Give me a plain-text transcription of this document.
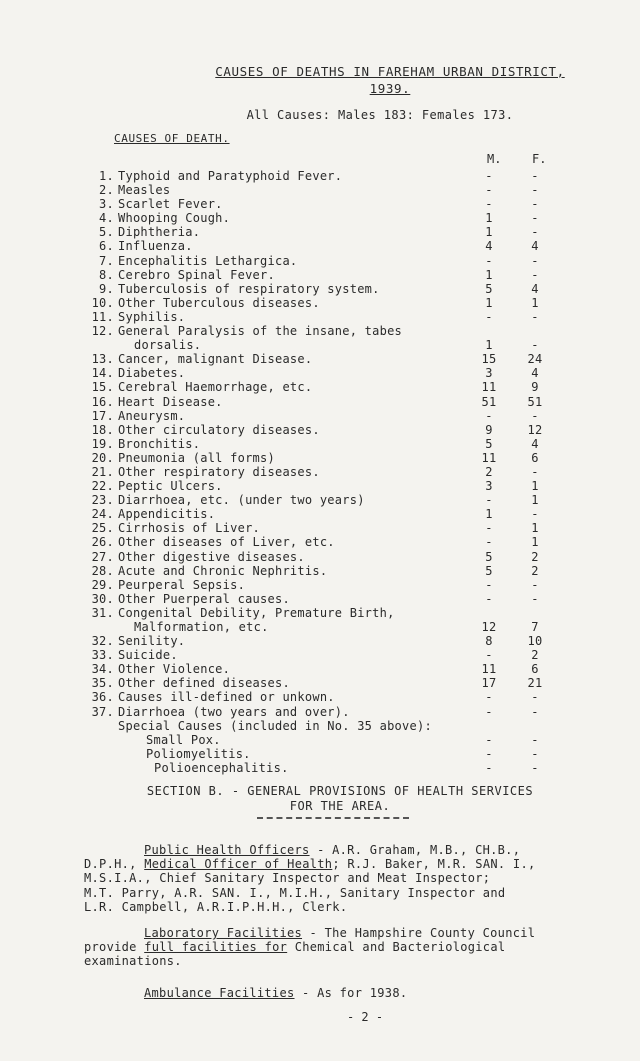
CAUSES OF DEATHS IN FAREHAM URBAN DISTRICT,
1939.
All Causes: Males 183: Females 173.
CAUSES OF DEATH.
M.	F.
1. Typhoid and Paratyphoid Fever.	-	-
2. Measles	-	-
3. Scarlet Fever.	-	-
4. Whooping Cough.	1	-
5. Diphtheria.	1	-
6. Influenza.	4	4
7. Encephalitis Lethargica.	-	-
8. Cerebro Spinal Fever.	1	-
9. Tuberculosis of respiratory system.	5	4
10. Other Tuberculous diseases.	1	1
11. Syphilis.	-	-
12. General Paralysis of the insane, tabes
dorsalis.	1	-
13. Cancer, malignant Disease.	15	24
14. Diabetes.	3	4
15. Cerebral Haemorrhage, etc.	11	9
16. Heart Disease.	51	51
17. Aneurysm.	-	-
18. Other circulatory diseases.	9	12
19. Bronchitis.	5	4
20. Pneumonia (all forms)	11	6
21. Other respiratory diseases.	2	-
22. Peptic Ulcers.	3	1
23. Diarrhoea, etc. (under two years)	-	1
24. Appendicitis.	1	-
25. Cirrhosis of Liver.	-	1
26. Other diseases of Liver, etc.	-	1
27. Other digestive diseases.	5	2
28. Acute and Chronic Nephritis.	5	2
29. Peurperal Sepsis.	-	-
30. Other Puerperal causes.	-	-
31. Congenital Debility, Premature Birth,
Malformation, etc.	12	7
32. Senility.	8	10
33. Suicide.	-	2
34. Other Violence.	11	6
35. Other defined diseases.	17	21
36. Causes ill-defined or unkown.	-	-
37. Diarrhoea (two years and over).	-	-
Special Causes (included in No. 35 above):
Small Pox.	-	-
Poliomyelitis.	-	-
Polioencephalitis.	-	-
SECTION B. - GENERAL PROVISIONS OF HEALTH SERVICES
FOR THE AREA.
Public Health Officers - A.R. Graham, M.B., CH.B.,
D.P.H., Medical Officer of Health; R.J. Baker, M.R. SAN. I.,
M.S.I.A., Chief Sanitary Inspector and Meat Inspector;
M.T. Parry, A.R. SAN. I., M.I.H., Sanitary Inspector and
L.R. Campbell, A.R.I.P.H.H., Clerk.
Laboratory Facilities - The Hampshire County Council
provide full facilities for Chemical and Bacteriological
examinations.
Ambulance Facilities - As for 1938.
- 2 -
